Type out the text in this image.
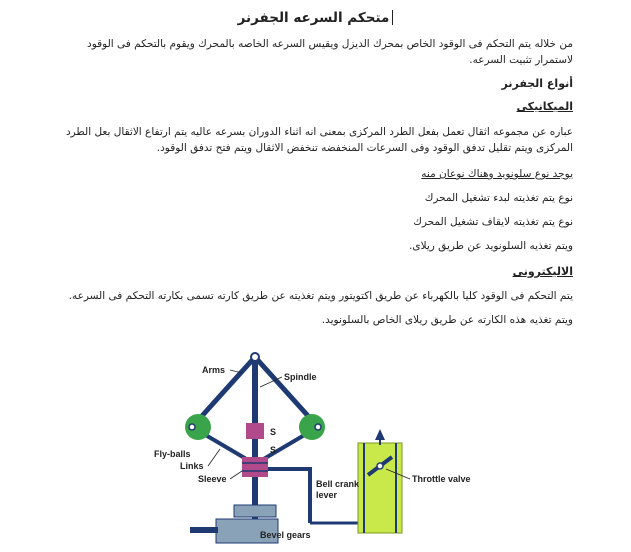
متحكم السرعه الجفرنر
من خلاله يتم التحكم فى الوقود الخاص بمحرك الديزل ويقيس السرعه الخاصه بالمحرك ويقوم بالتحكم فى الوقود لاستمرار تثبيت السرعه.
أنواع الجفرنر
الميكانيكى
عباره عن مجموعه اثقال تعمل بفعل الطرد المركزى بمعنى انه اثناء الدوران بسرعه عاليه يتم ارتفاع الاثقال بعل الطرد المركزى ويتم تقليل تدفق الوقود وفى السرعات المنخفضه تنخفض الاثقال ويتم فتح تدفق الوقود.
يوجد نوع سلونويد وهناك نوعان منه
نوع يتم تغذيته لبدء تشغيل المحرك
نوع يتم تغذيته لايقاف تشغيل المحرك
ويتم تغذيه السلونويد عن طريق ريلاى.
الاليكترونى
يتم التحكم فى الوقود كليا بالكهرباء عن طريق اكتويتور ويتم تغذيته عن طريق كارته تسمى بكارته التحكم فى السرعه.
ويتم تغذيه هذه الكارته عن طريق ريلاى الخاص بالسلونويد.
S
S
Arms
Spindle
Fly-balls
Links
Sleeve	Bell crank
lever
Throttle valve
Bevel gears
